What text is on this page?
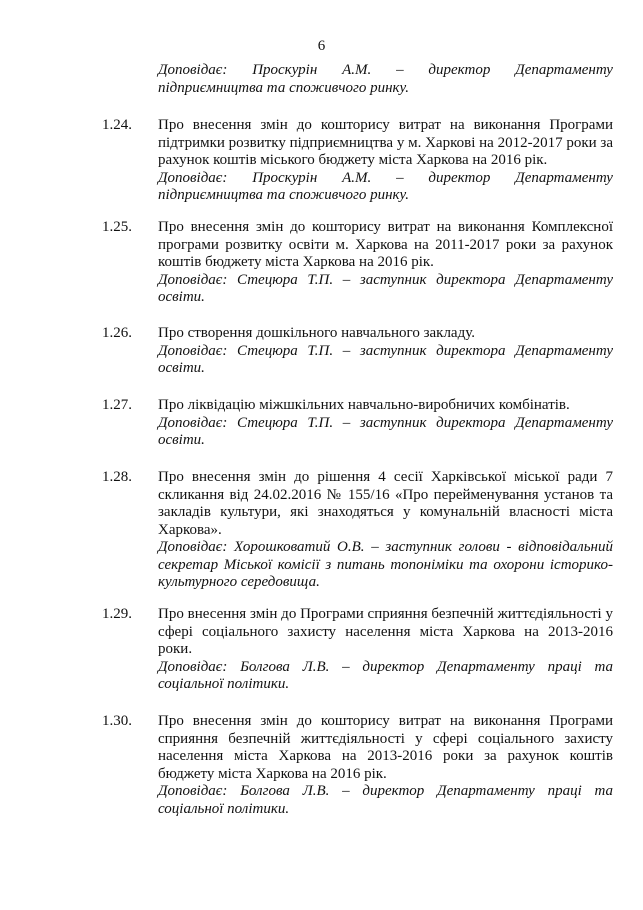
6
Доповідає: Проскурін А.М. – директор Департаменту

підприємництва та споживчого ринку.

1.24. Про внесення змін до кошторису витрат на виконання Програми підтримки розвитку підприємництва у м. Харкові на 2012-2017 роки за рахунок коштів міського бюджету міста Харкова на 2016 рік.

Доповідає: Проскурін А.М. – директор Департаменту

підприємництва та споживчого ринку.

1.25. Про внесення змін до кошторису витрат на виконання Комплексної програми розвитку освіти м. Харкова на 2011-2017 роки за рахунок коштів бюджету міста Харкова на 2016 рік.

Доповідає: Стецюра Т.П. – заступник директора Департаменту освіти.

1.26. Про створення дошкільного навчального закладу.

Доповідає: Стецюра Т.П. – заступник директора Департаменту освіти.

1.27. Про ліквідацію міжшкільних навчально-виробничих комбінатів.

Доповідає: Стецюра Т.П. – заступник директора Департаменту освіти.

1.28. Про внесення змін до рішення 4 сесії Харківської міської ради 7 скликання від 24.02.2016 № 155/16 «Про перейменування установ та закладів культури, які знаходяться у комунальній власності міста Харкова».

Доповідає: Хорошковатий О.В. – заступник голови - відповідальний секретар Міської комісії з питань топоніміки та охорони історико-культурного середовища.

1.29. Про внесення змін до Програми сприяння безпечній життєдіяльності у сфері соціального захисту населення міста Харкова на 2013-2016 роки.

Доповідає: Болгова Л.В. – директор Департаменту праці та соціальної політики.

1.30. Про внесення змін до кошторису витрат на виконання Програми сприяння безпечній життєдіяльності у сфері соціального захисту населення міста Харкова на 2013-2016 роки за рахунок коштів бюджету міста Харкова на 2016 рік.

Доповідає: Болгова Л.В. – директор Департаменту праці та соціальної політики.
